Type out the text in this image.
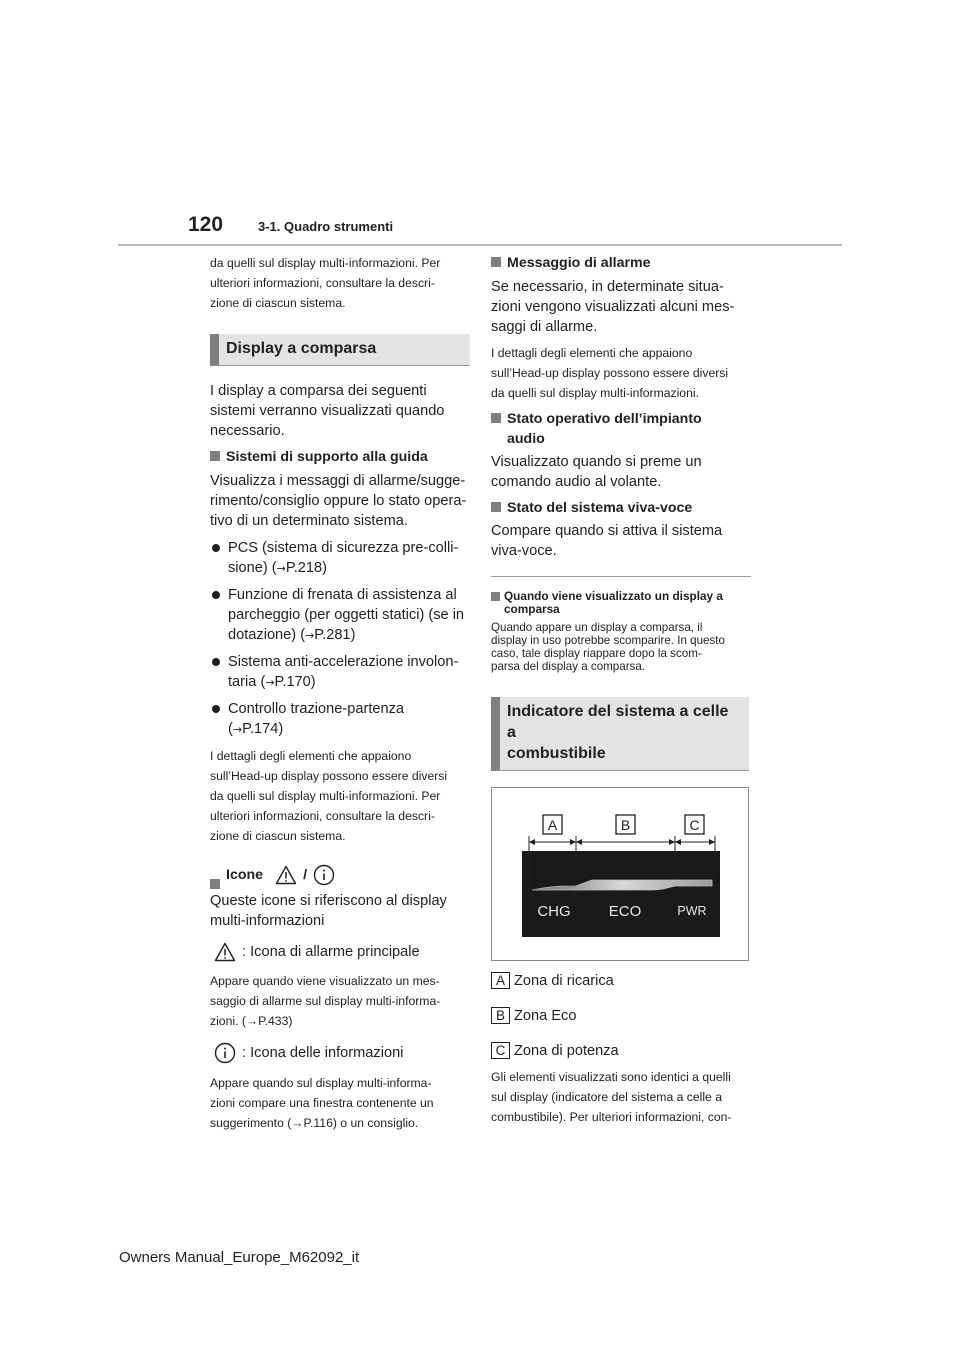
120	3-1. Quadro strumenti
da quelli sul display multi-informazioni. Per
ulteriori informazioni, consultare la descri-
zione di ciascun sistema.
Display a comparsa
I display a comparsa dei seguenti
sistemi verranno visualizzati quando
necessario.
Sistemi di supporto alla guida
Visualizza i messaggi di allarme/sugge-
rimento/consiglio oppure lo stato opera-
tivo di un determinato sistema.
PCS (sistema di sicurezza pre-colli-
sione) (→P.218)
Funzione di frenata di assistenza al
parcheggio (per oggetti statici) (se in
dotazione) (→P.281)
Sistema anti-accelerazione involon-
taria (→P.170)
Controllo trazione-partenza
(→P.174)
I dettagli degli elementi che appaiono
sull’Head-up display possono essere diversi
da quelli sul display multi-informazioni. Per
ulteriori informazioni, consultare la descri-
zione di ciascun sistema.
Icone	/
Queste icone si riferiscono al display
multi-informazioni
: Icona di allarme principale
Appare quando viene visualizzato un mes-
saggio di allarme sul display multi-informa-
zioni. (→P.433)
: Icona delle informazioni
Appare quando sul display multi-informa-
zioni compare una finestra contenente un
suggerimento (→P.116) o un consiglio.
Messaggio di allarme
Se necessario, in determinate situa-
zioni vengono visualizzati alcuni mes-
saggi di allarme.
I dettagli degli elementi che appaiono
sull’Head-up display possono essere diversi
da quelli sul display multi-informazioni.
Stato operativo dell’impianto
audio
Visualizzato quando si preme un
comando audio al volante.
Stato del sistema viva-voce
Compare quando si attiva il sistema
viva-voce.
Quando viene visualizzato un display a
comparsa
Quando appare un display a comparsa, il
display in uso potrebbe scomparire. In questo
caso, tale display riappare dopo la scom-
parsa del display a comparsa.
Indicatore del sistema a celle a
combustibile
A	B	C
CHG	ECO	PWR
A Zona di ricarica
B Zona Eco
C Zona di potenza
Gli elementi visualizzati sono identici a quelli
sul display (indicatore del sistema a celle a
combustibile). Per ulteriori informazioni, con-
Owners Manual_Europe_M62092_it
